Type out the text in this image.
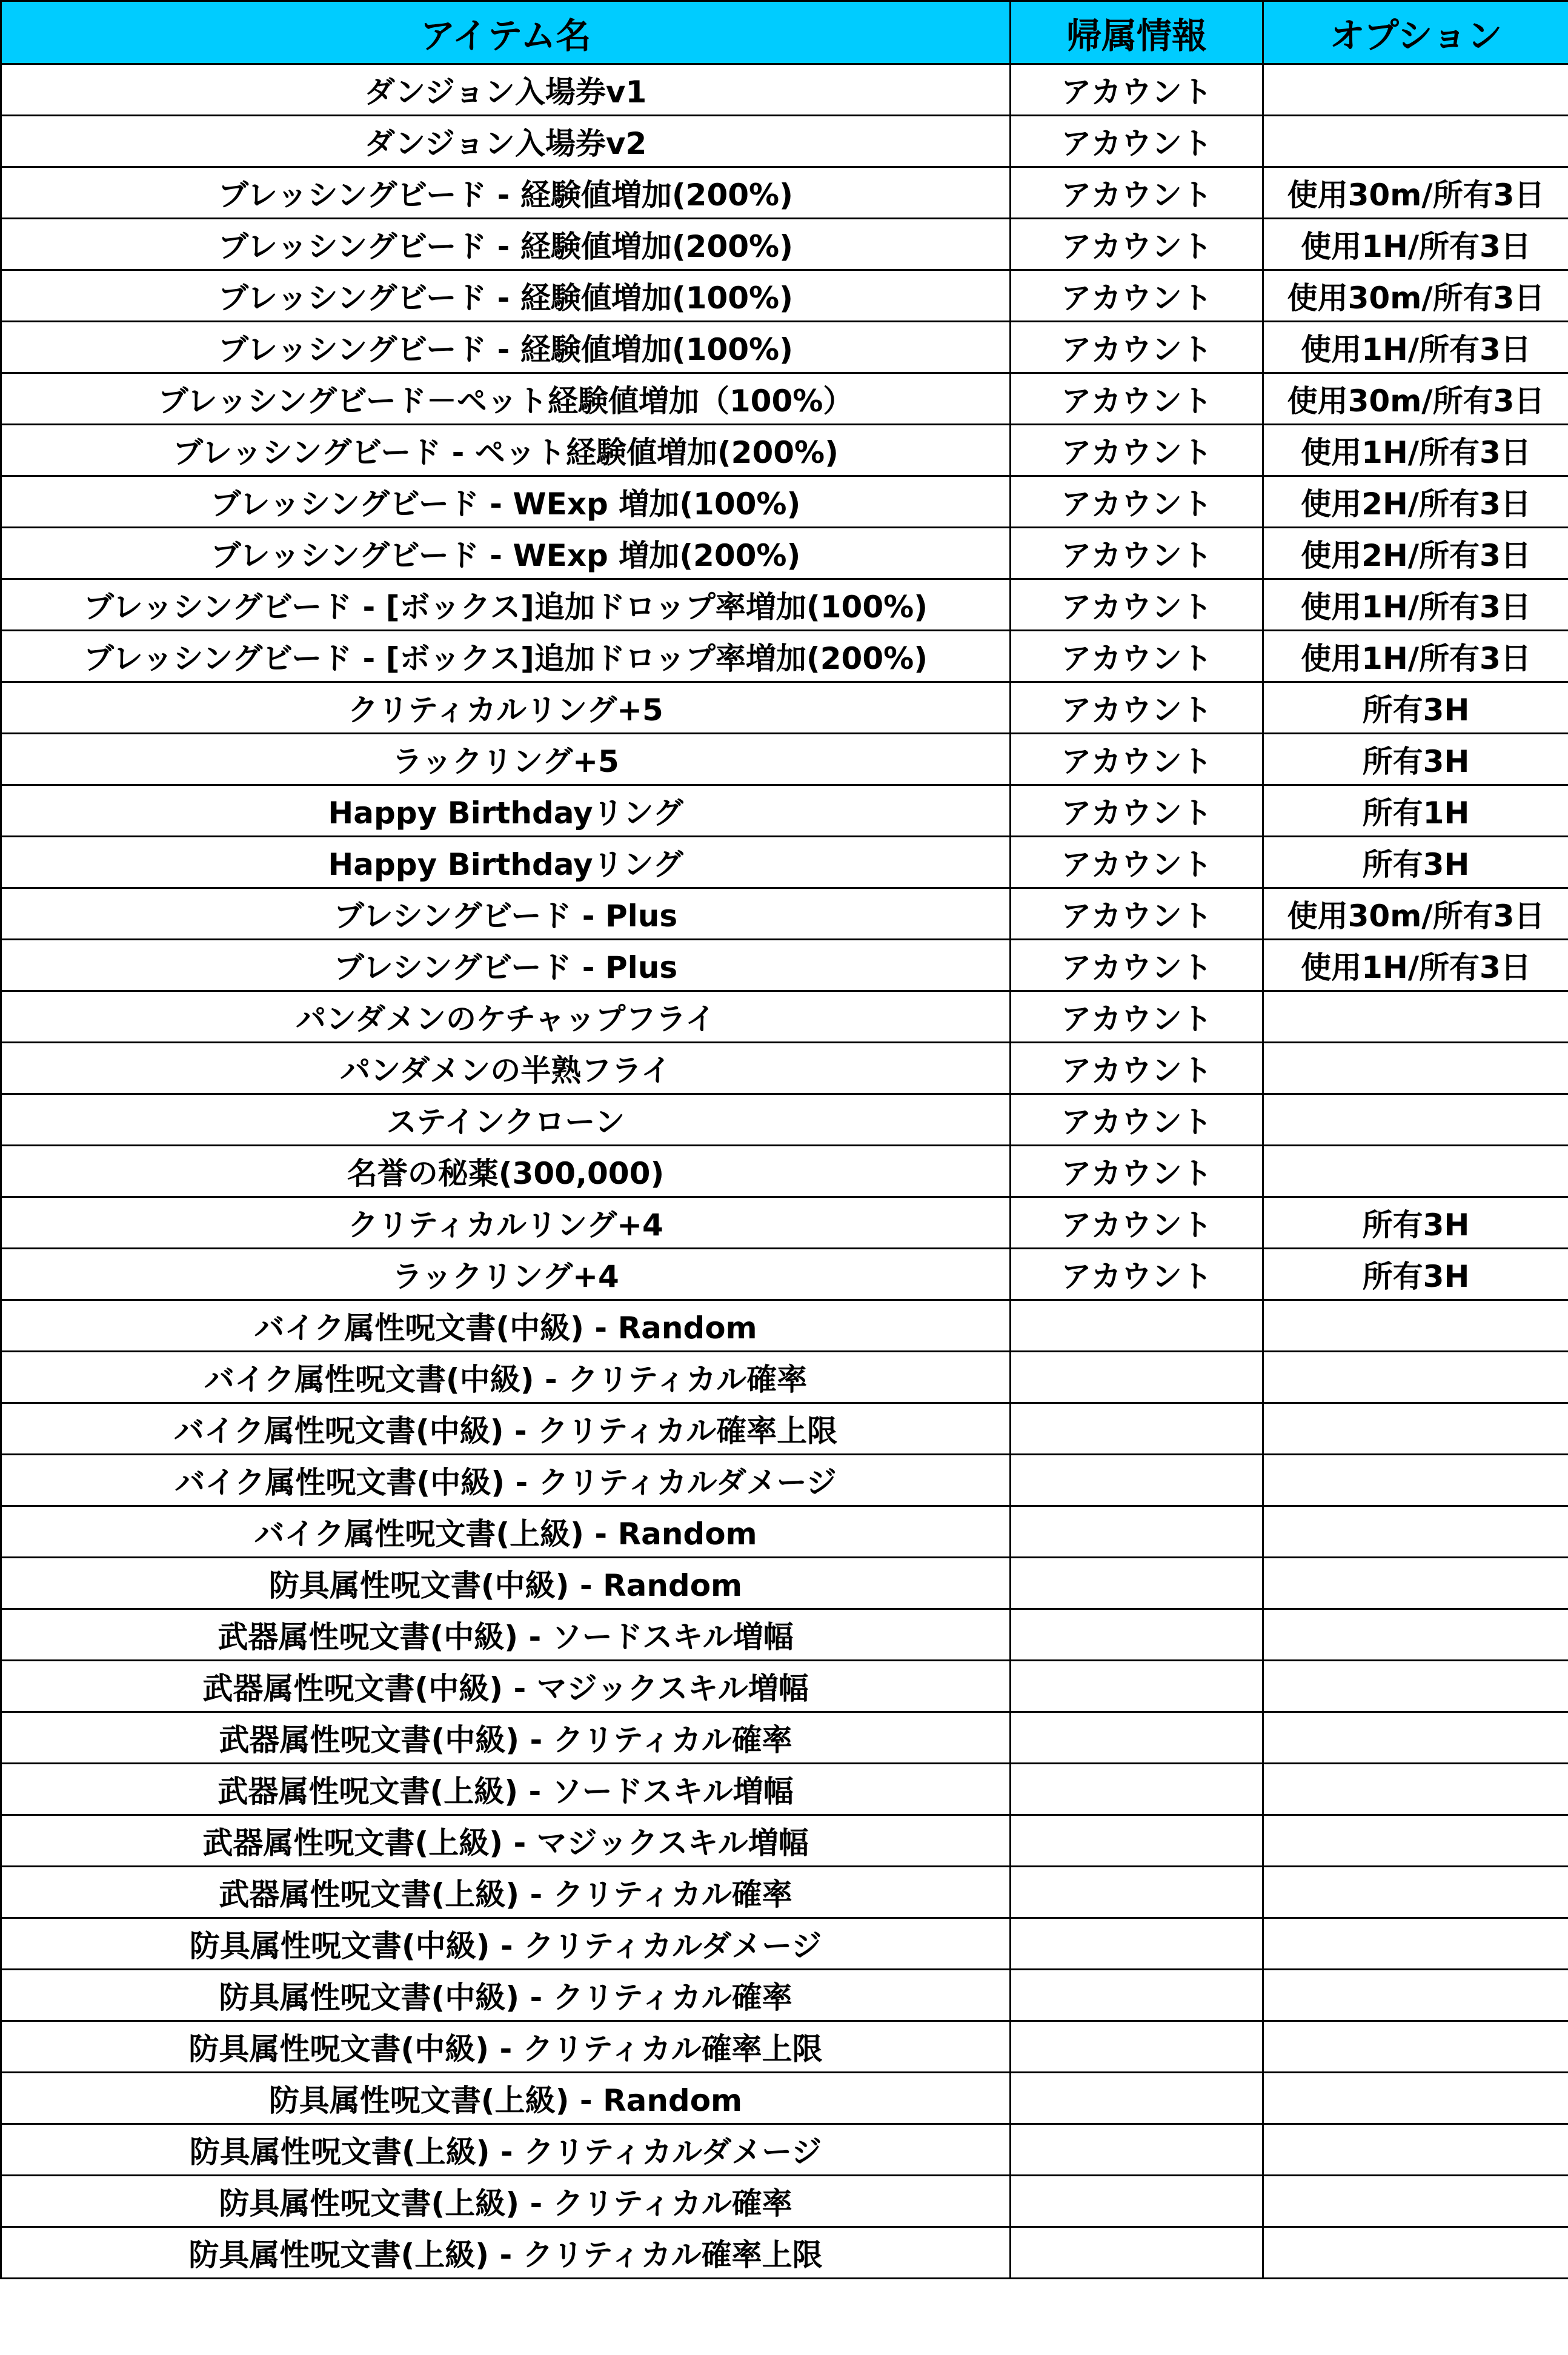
アイテム名	帰属情報	オプション
ダンジョン入場券v1	アカウント	
ダンジョン入場券v2	アカウント	
ブレッシングビード - 経験値増加(200%)	アカウント	使用30m/所有3日
ブレッシングビード - 経験値増加(200%)	アカウント	使用1H/所有3日
ブレッシングビード - 経験値増加(100%)	アカウント	使用30m/所有3日
ブレッシングビード - 経験値増加(100%)	アカウント	使用1H/所有3日
ブレッシングビード－ペット経験値増加（100%）	アカウント	使用30m/所有3日
ブレッシングビード - ペット経験値増加(200%)	アカウント	使用1H/所有3日
ブレッシングビード - WExp 増加(100%)	アカウント	使用2H/所有3日
ブレッシングビード - WExp 増加(200%)	アカウント	使用2H/所有3日
ブレッシングビード - [ボックス]追加ドロップ率増加(100%)	アカウント	使用1H/所有3日
ブレッシングビード - [ボックス]追加ドロップ率増加(200%)	アカウント	使用1H/所有3日
クリティカルリング+5	アカウント	所有3H
ラックリング+5	アカウント	所有3H
Happy Birthdayリング	アカウント	所有1H
Happy Birthdayリング	アカウント	所有3H
ブレシングビード - Plus	アカウント	使用30m/所有3日
ブレシングビード - Plus	アカウント	使用1H/所有3日
パンダメンのケチャップフライ	アカウント	
パンダメンの半熟フライ	アカウント	
ステインクローン	アカウント	
名誉の秘薬(300,000)	アカウント	
クリティカルリング+4	アカウント	所有3H
ラックリング+4	アカウント	所有3H
バイク属性呪文書(中級) - Random		
バイク属性呪文書(中級) - クリティカル確率		
バイク属性呪文書(中級) - クリティカル確率上限		
バイク属性呪文書(中級) - クリティカルダメージ		
バイク属性呪文書(上級) - Random		
防具属性呪文書(中級) - Random		
武器属性呪文書(中級) - ソードスキル増幅		
武器属性呪文書(中級) - マジックスキル増幅		
武器属性呪文書(中級) - クリティカル確率		
武器属性呪文書(上級) - ソードスキル増幅		
武器属性呪文書(上級) - マジックスキル増幅		
武器属性呪文書(上級) - クリティカル確率		
防具属性呪文書(中級) - クリティカルダメージ		
防具属性呪文書(中級) - クリティカル確率		
防具属性呪文書(中級) - クリティカル確率上限		
防具属性呪文書(上級) - Random		
防具属性呪文書(上級) - クリティカルダメージ		
防具属性呪文書(上級) - クリティカル確率		
防具属性呪文書(上級) - クリティカル確率上限		
